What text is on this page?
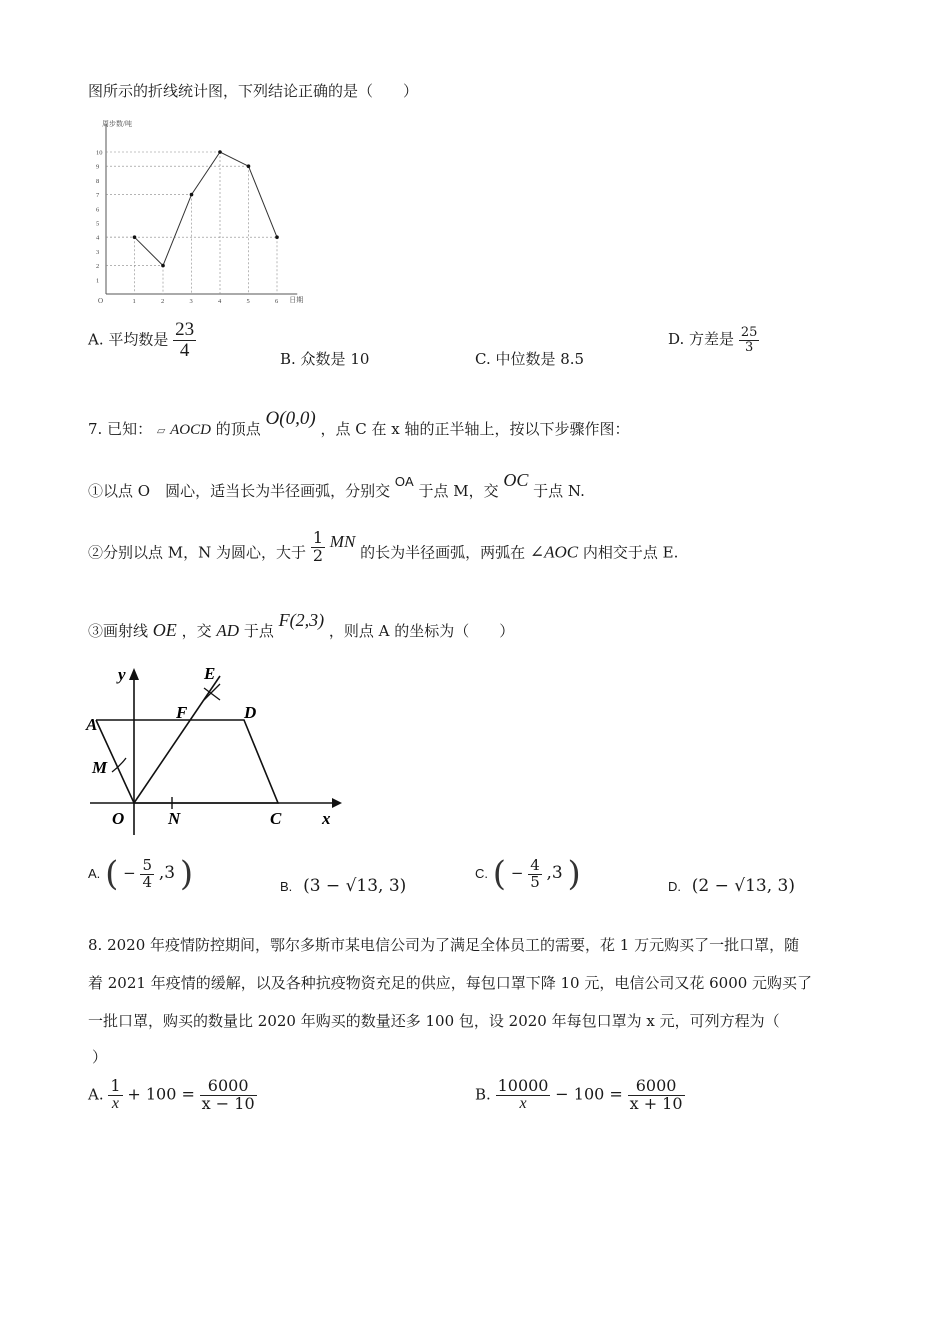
图所示的折线统计图，下列结论正确的是（　　）
周步数/吨
日期
O
1
2
3
4
5
6
7
8
9
10
1	2	3	4	5	6
A. 平均数是 $\frac{23}{4}$	B. 众数是 10	C. 中位数是 8.5
D. 方差是 $\frac{25}{3}$
7. 已知： ▱ AOCD 的顶点 O(0,0) ，点 C 在 x 轴的正半轴上，按以下步骤作图：
①以点 O　圆心，适当长为半径画弧，分别交 OA 于点 M，交 OC 于点 N.
②分别以点 M，N 为圆心，大于 $\frac{1}{2}$ MN 的长为半径画弧，两弧在 ∠AOC 内相交于点 E.
③画射线 OE ，交 AD 于点 F(2,3) ，则点 A 的坐标为（　　）
y	E
F	D
A
M
O	N	C x
A. ( − $\frac{5}{4} ,3$ )	B. (3 − √13, 3)
C. ( − $\frac{4}{5} ,3$ )	D. (2 − √13, 3)
8. 2020 年疫情防控期间，鄂尔多斯市某电信公司为了满足全体员工的需要，花 1 万元购买了一批口罩，随
着 2021 年疫情的缓解，以及各种抗疫物资充足的供应，每包口罩下降 10 元，电信公司又花 6000 元购买了
一批口罩，购买的数量比 2020 年购买的数量还多 100 包，设 2020 年每包口罩为 x 元，可列方程为（
）
A. $\frac{1}{x} + 100 = \frac{6000}{x - 10}$	B. $\frac{10000}{x} - 100 = \frac{6000}{x + 10}$
